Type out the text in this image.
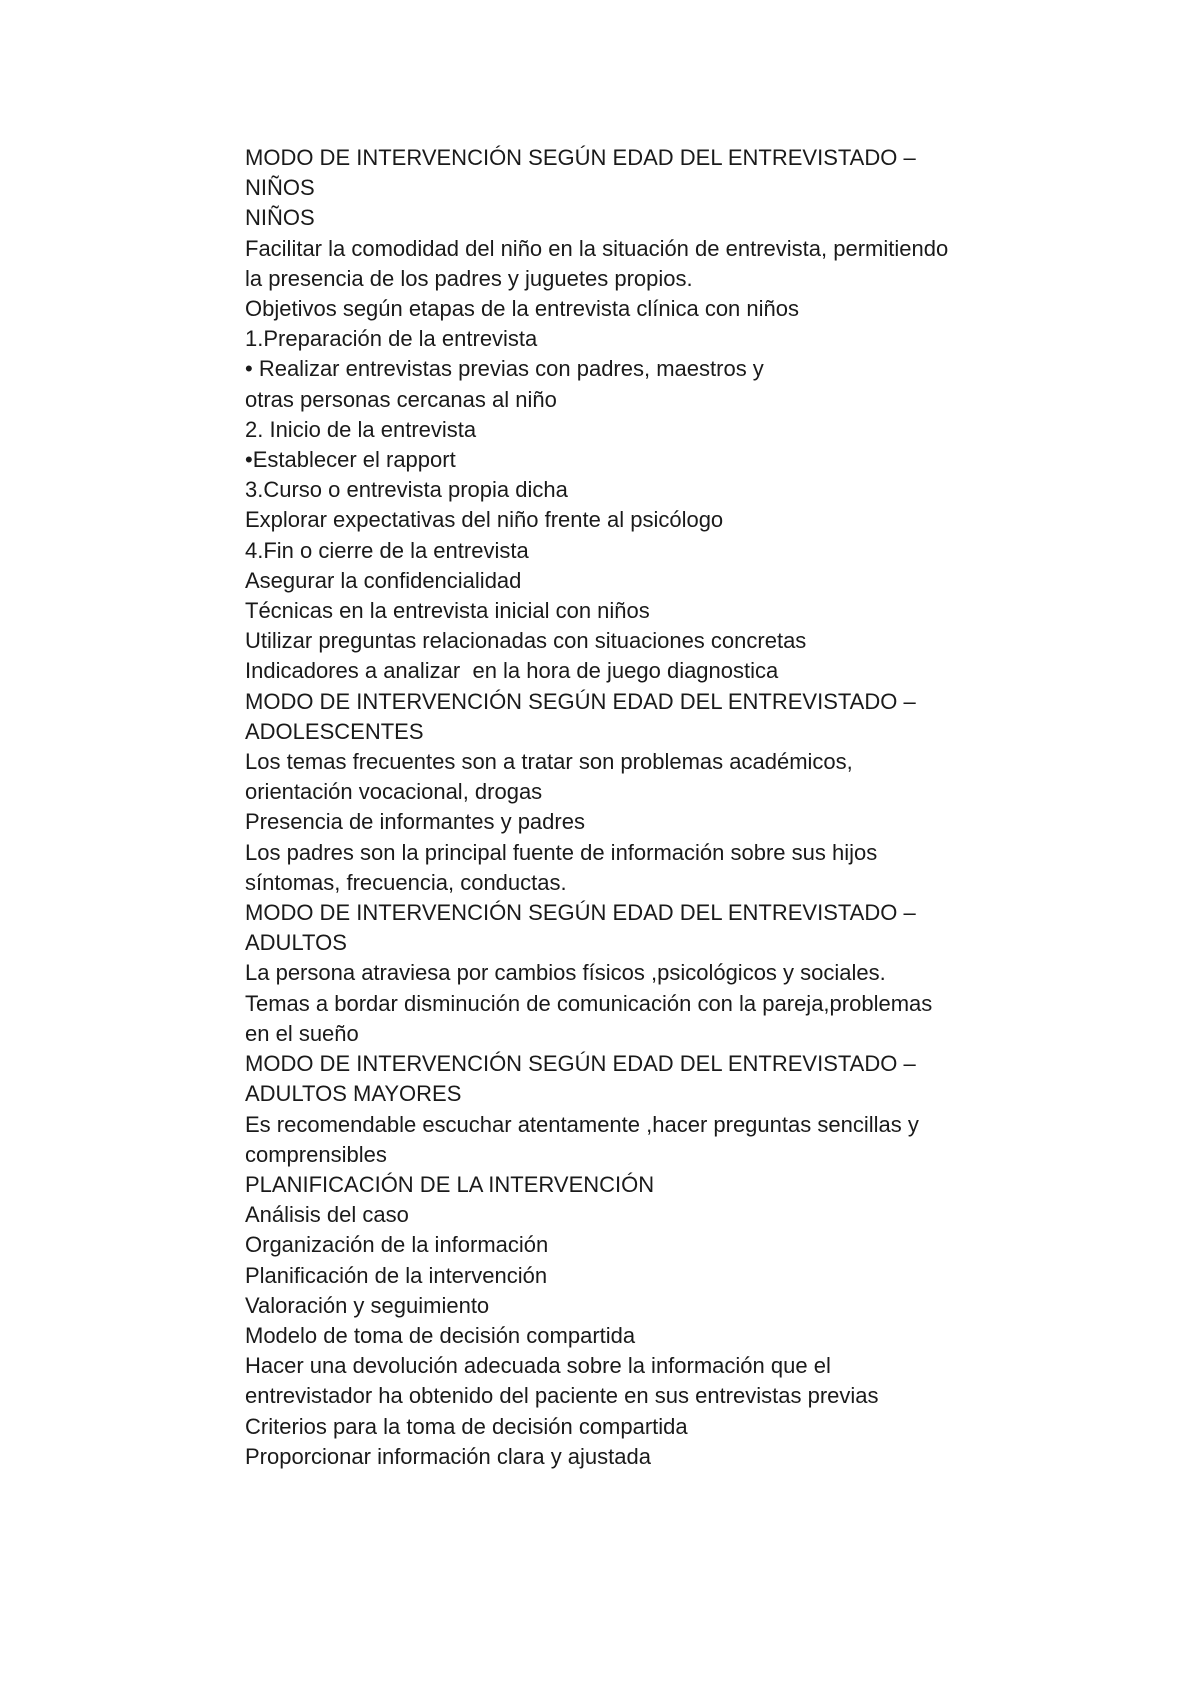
MODO DE INTERVENCIÓN SEGÚN EDAD DEL ENTREVISTADO –
NIÑOS
NIÑOS
Facilitar la comodidad del niño en la situación de entrevista, permitiendo
la presencia de los padres y juguetes propios.
Objetivos según etapas de la entrevista clínica con niños
1.Preparación de la entrevista
• Realizar entrevistas previas con padres, maestros y
otras personas cercanas al niño
2. Inicio de la entrevista
•Establecer el rapport
3.Curso o entrevista propia dicha
Explorar expectativas del niño frente al psicólogo
4.Fin o cierre de la entrevista
Asegurar la confidencialidad
Técnicas en la entrevista inicial con niños
Utilizar preguntas relacionadas con situaciones concretas
Indicadores a analizar  en la hora de juego diagnostica
MODO DE INTERVENCIÓN SEGÚN EDAD DEL ENTREVISTADO –
ADOLESCENTES
Los temas frecuentes son a tratar son problemas académicos,
orientación vocacional, drogas
Presencia de informantes y padres
Los padres son la principal fuente de información sobre sus hijos
síntomas, frecuencia, conductas.
MODO DE INTERVENCIÓN SEGÚN EDAD DEL ENTREVISTADO –
ADULTOS
La persona atraviesa por cambios físicos ,psicológicos y sociales.
Temas a bordar disminución de comunicación con la pareja,problemas
en el sueño
MODO DE INTERVENCIÓN SEGÚN EDAD DEL ENTREVISTADO –
ADULTOS MAYORES
Es recomendable escuchar atentamente ,hacer preguntas sencillas y
comprensibles
PLANIFICACIÓN DE LA INTERVENCIÓN
Análisis del caso
Organización de la información
Planificación de la intervención
Valoración y seguimiento
Modelo de toma de decisión compartida
Hacer una devolución adecuada sobre la información que el
entrevistador ha obtenido del paciente en sus entrevistas previas
Criterios para la toma de decisión compartida
Proporcionar información clara y ajustada
